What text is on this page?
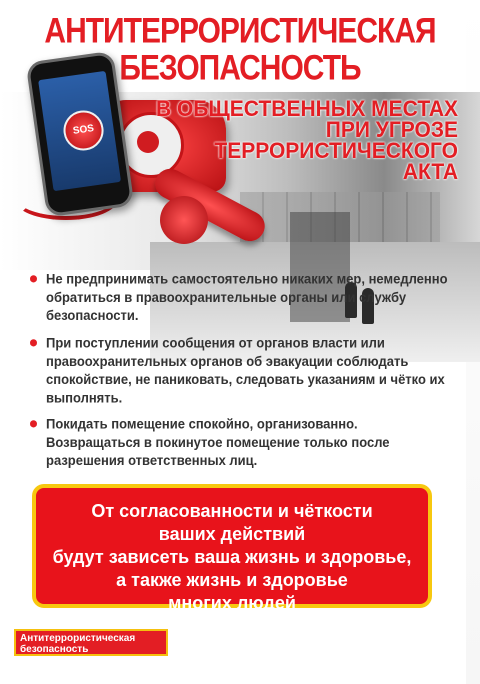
АНТИТЕРРОРИСТИЧЕСКАЯ
БЕЗОПАСНОСТЬ
SOS
В ОБЩЕСТВЕННЫХ МЕСТАХ
ПРИ УГРОЗЕ
ТЕРРОРИСТИЧЕСКОГО
АКТА
Не предпринимать самостоятельно никаких мер, немедленно обратиться в правоохранительные органы или службу безопасности.
При поступлении сообщения от органов власти или правоохранительных органов об эвакуации соблюдать спокойствие, не паниковать, следовать указаниям и чётко их выполнять.
Покидать помещение спокойно, организованно. Возвращаться в покинутое помещение только после разрешения ответственных лиц.
От согласованности и чёткости
ваших действий
будут зависеть ваша жизнь и здоровье,
а также жизнь и здоровье
многих людей
Антитеррористическая
безопасность
